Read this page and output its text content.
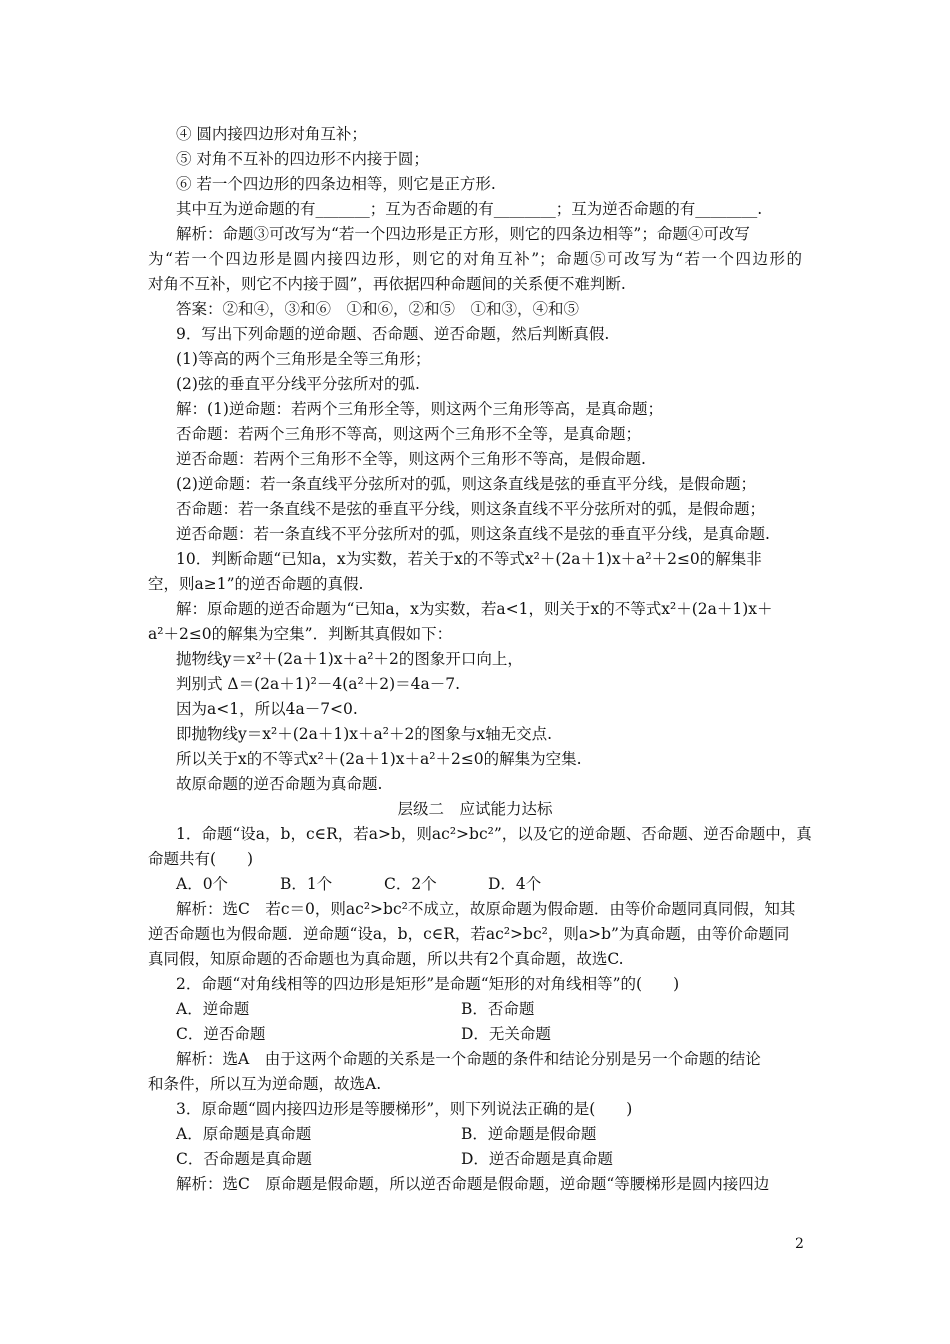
④ 圆内接四边形对角互补；
⑤ 对角不互补的四边形不内接于圆；
⑥ 若一个四边形的四条边相等，则它是正方形.
其中互为逆命题的有_______；互为否命题的有________；互为逆否命题的有________.
解析：命题③可改写为“若一个四边形是正方形，则它的四条边相等”；命题④可改写
为“若一个四边形是圆内接四边形，则它的对角互补”；命题⑤可改写为“若一个四边形的
对角不互补，则它不内接于圆”，再依据四种命题间的关系便不难判断.
答案：②和④，③和⑥　①和⑥，②和⑤　①和③，④和⑤
9．写出下列命题的逆命题、否命题、逆否命题，然后判断真假.
(1)等高的两个三角形是全等三角形；
(2)弦的垂直平分线平分弦所对的弧.
解：(1)逆命题：若两个三角形全等，则这两个三角形等高，是真命题；
否命题：若两个三角形不等高，则这两个三角形不全等，是真命题；
逆否命题：若两个三角形不全等，则这两个三角形不等高，是假命题.
(2)逆命题：若一条直线平分弦所对的弧，则这条直线是弦的垂直平分线，是假命题；
否命题：若一条直线不是弦的垂直平分线，则这条直线不平分弦所对的弧，是假命题；
逆否命题：若一条直线不平分弦所对的弧，则这条直线不是弦的垂直平分线，是真命题.
10．判断命题“已知a，x为实数，若关于x的不等式x²＋(2a＋1)x＋a²＋2≤0的解集非
空，则a≥1”的逆否命题的真假.
解：原命题的逆否命题为“已知a，x为实数，若a<1，则关于x的不等式x²＋(2a＋1)x＋
a²＋2≤0的解集为空集”．判断其真假如下：
抛物线y＝x²＋(2a＋1)x＋a²＋2的图象开口向上，
判别式 Δ＝(2a＋1)²－4(a²＋2)＝4a－7.
因为a<1，所以4a－7<0.
即抛物线y＝x²＋(2a＋1)x＋a²＋2的图象与x轴无交点.
所以关于x的不等式x²＋(2a＋1)x＋a²＋2≤0的解集为空集.
故原命题的逆否命题为真命题.
层级二　应试能力达标
1．命题“设a，b，c∈R，若a>b，则ac²>bc²”，以及它的逆命题、否命题、逆否命题中，真
命题共有(　　)
A．0个	B．1个	C．2个	D．4个
解析：选C　若c＝0，则ac²>bc²不成立，故原命题为假命题．由等价命题同真同假，知其
逆否命题也为假命题．逆命题“设a，b，c∈R，若ac²>bc²，则a>b”为真命题，由等价命题同
真同假，知原命题的否命题也为真命题，所以共有2个真命题，故选C.
2．命题“对角线相等的四边形是矩形”是命题“矩形的对角线相等”的(　　)
A．逆命题	B．否命题
C．逆否命题	D．无关命题
解析：选A　由于这两个命题的关系是一个命题的条件和结论分别是另一个命题的结论
和条件，所以互为逆命题，故选A.
3．原命题“圆内接四边形是等腰梯形”，则下列说法正确的是(　　)
A．原命题是真命题	B．逆命题是假命题
C．否命题是真命题	D．逆否命题是真命题
解析：选C　原命题是假命题，所以逆否命题是假命题，逆命题“等腰梯形是圆内接四边
2
